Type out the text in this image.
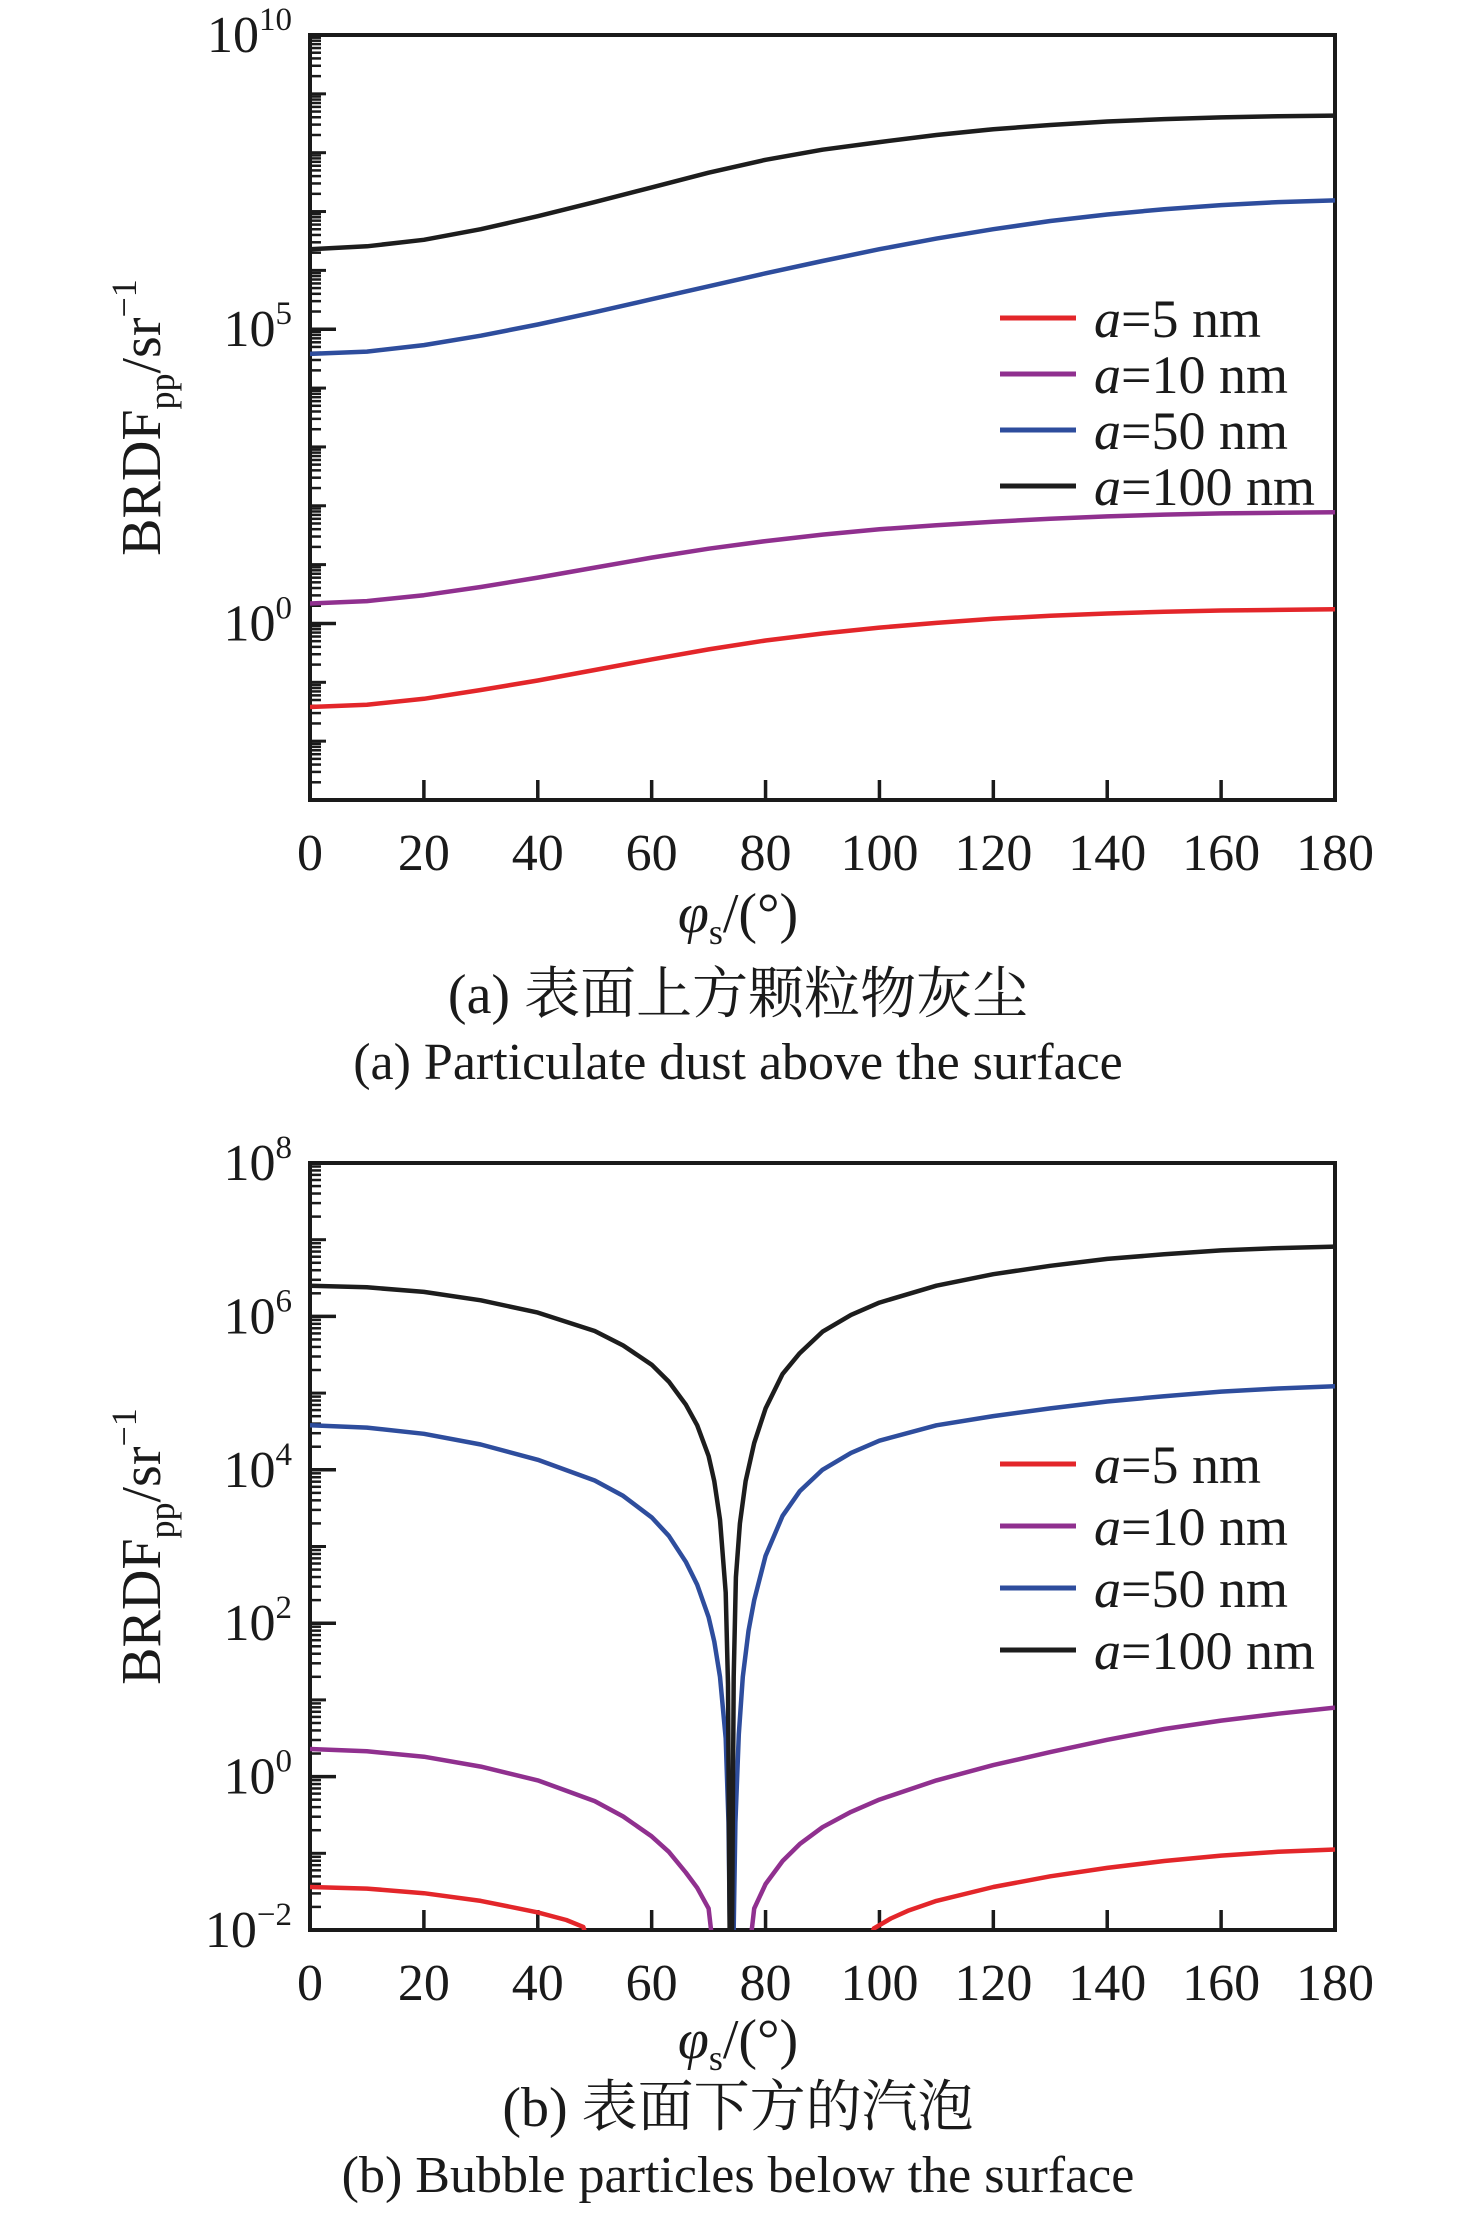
$10^{10}$
$10^5$
$10^0$
0 20 40 60 80 100 120 140 160 180
a=5 nm
a=10 nm
a=50 nm
a=100 nm
$BRDF_{pp}/sr^{-1}$
$\varphi_s/(^\circ)$
(a) 表面上方颗粒物灰尘
(a) Particulate dust above the surface
$10^8$
$10^6$
$10^4$
$10^2$
$10^0$
$10^{-2}$
0 20 40 60 80 100 120 140 160 180
a=5 nm
a=10 nm
a=50 nm
a=100 nm
$BRDF_{pp}/sr^{-1}$
$\varphi_s/(^\circ)$
(b) 表面下方的汽泡
(b) Bubble particles below the surface
